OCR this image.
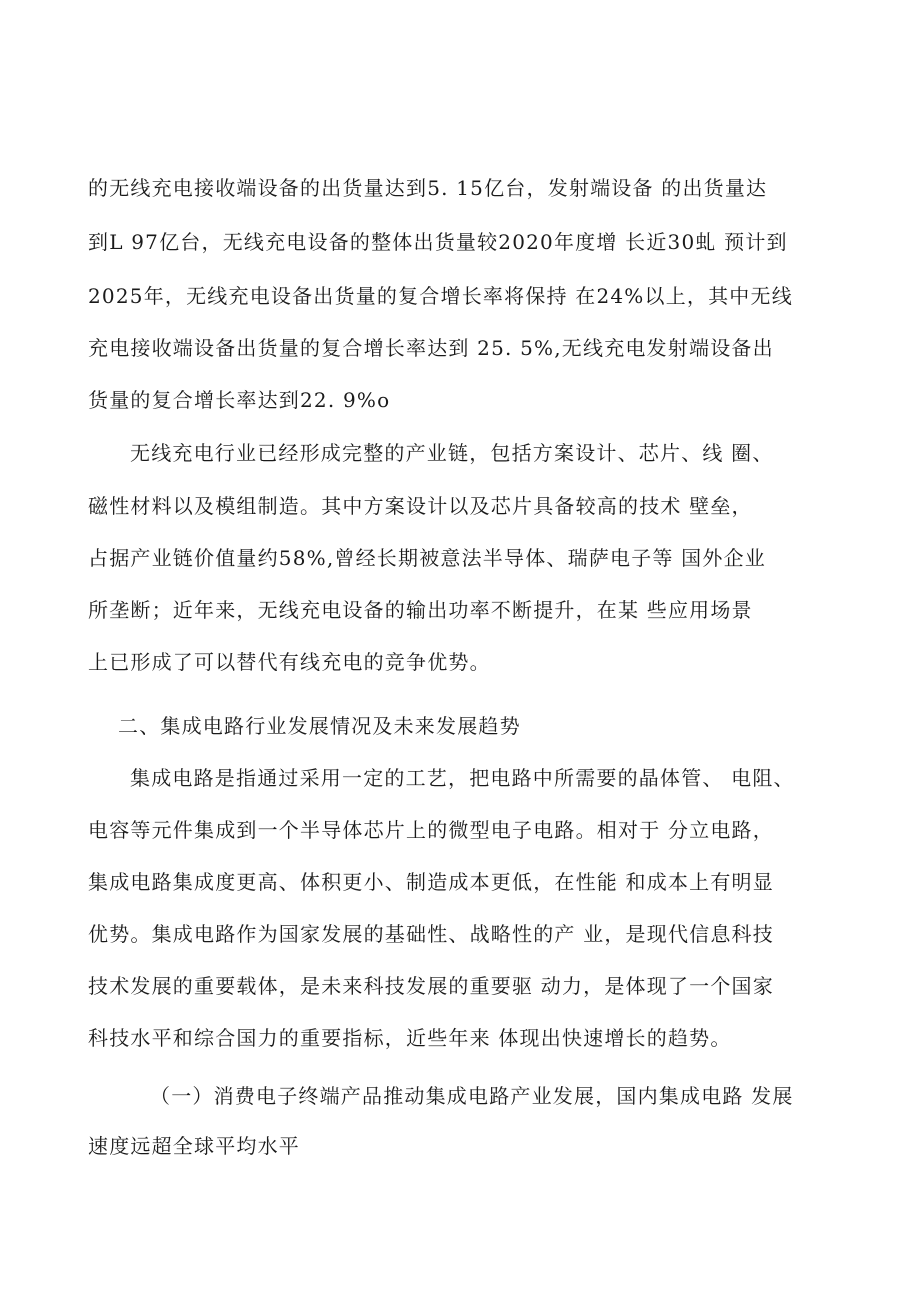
的无线充电接收端设备的出货量达到5. 15亿台，发射端设备 的出货量达
到L 97亿台，无线充电设备的整体出货量较2020年度增 长近30虬 预计到
2025年，无线充电设备出货量的复合增长率将保持 在24%以上，其中无线
充电接收端设备出货量的复合增长率达到 25. 5%,无线充电发射端设备出
货量的复合增长率达到22. 9%o
无线充电行业已经形成完整的产业链，包括方案设计、芯片、线 圈、
磁性材料以及模组制造。其中方案设计以及芯片具备较高的技术 壁垒，
占据产业链价值量约58%,曾经长期被意法半导体、瑞萨电子等 国外企业
所垄断；近年来，无线充电设备的输出功率不断提升，在某 些应用场景
上已形成了可以替代有线充电的竞争优势。
二、集成电路行业发展情况及未来发展趋势
集成电路是指通过采用一定的工艺，把电路中所需要的晶体管、 电阻、
电容等元件集成到一个半导体芯片上的微型电子电路。相对于 分立电路，
集成电路集成度更高、体积更小、制造成本更低，在性能 和成本上有明显
优势。集成电路作为国家发展的基础性、战略性的产 业，是现代信息科技
技术发展的重要载体，是未来科技发展的重要驱 动力，是体现了一个国家
科技水平和综合国力的重要指标，近些年来 体现出快速增长的趋势。
（一）消费电子终端产品推动集成电路产业发展，国内集成电路 发展
速度远超全球平均水平
